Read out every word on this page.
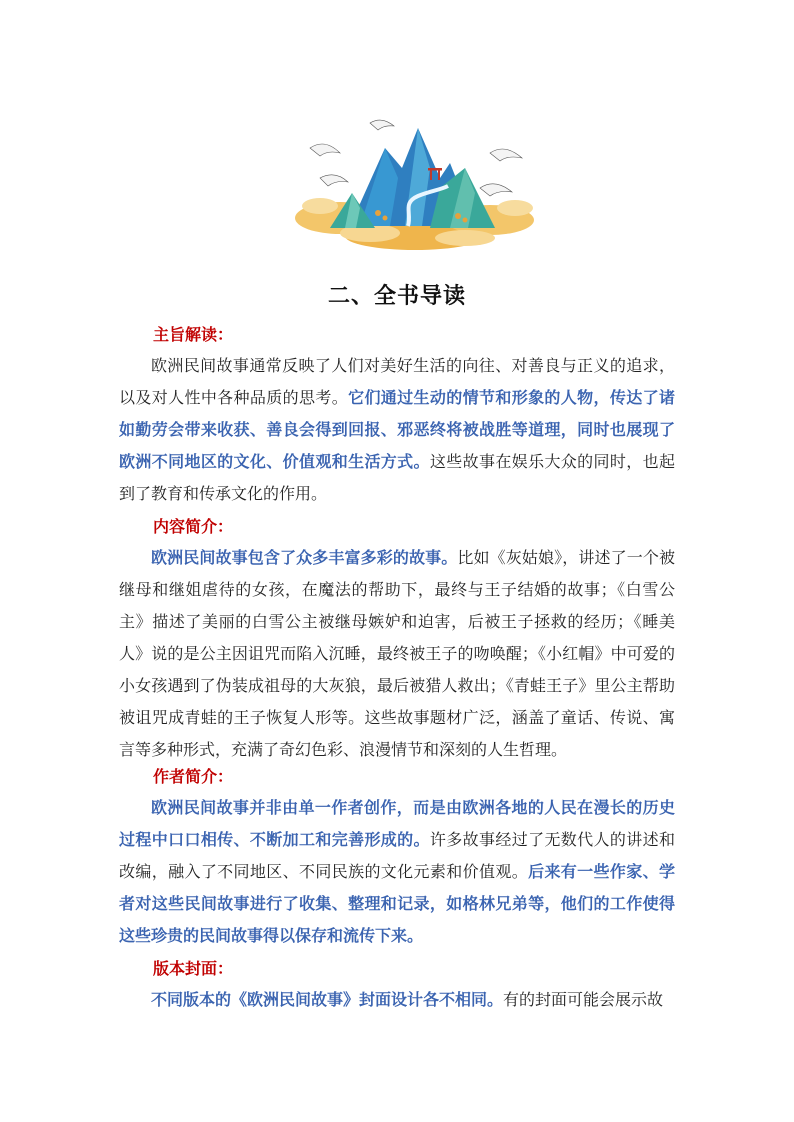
二、全书导读
主旨解读：

欧洲民间故事通常反映了人们对美好生活的向往、对善良与正义的追求，以及对人性中各种品质的思考。它们通过生动的情节和形象的人物，传达了诸如勤劳会带来收获、善良会得到回报、邪恶终将被战胜等道理，同时也展现了欧洲不同地区的文化、价值观和生活方式。这些故事在娱乐大众的同时，也起到了教育和传承文化的作用。

内容简介：

欧洲民间故事包含了众多丰富多彩的故事。比如《灰姑娘》，讲述了一个被继母和继姐虐待的女孩，在魔法的帮助下，最终与王子结婚的故事；《白雪公主》描述了美丽的白雪公主被继母嫉妒和迫害，后被王子拯救的经历；《睡美人》说的是公主因诅咒而陷入沉睡，最终被王子的吻唤醒；《小红帽》中可爱的小女孩遇到了伪装成祖母的大灰狼，最后被猎人救出；《青蛙王子》里公主帮助被诅咒成青蛙的王子恢复人形等。这些故事题材广泛，涵盖了童话、传说、寓言等多种形式，充满了奇幻色彩、浪漫情节和深刻的人生哲理。

作者简介：

欧洲民间故事并非由单一作者创作，而是由欧洲各地的人民在漫长的历史过程中口口相传、不断加工和完善形成的。许多故事经过了无数代人的讲述和改编，融入了不同地区、不同民族的文化元素和价值观。后来有一些作家、学者对这些民间故事进行了收集、整理和记录，如格林兄弟等，他们的工作使得这些珍贵的民间故事得以保存和流传下来。

版本封面：

不同版本的《欧洲民间故事》封面设计各不相同。有的封面可能会展示故
